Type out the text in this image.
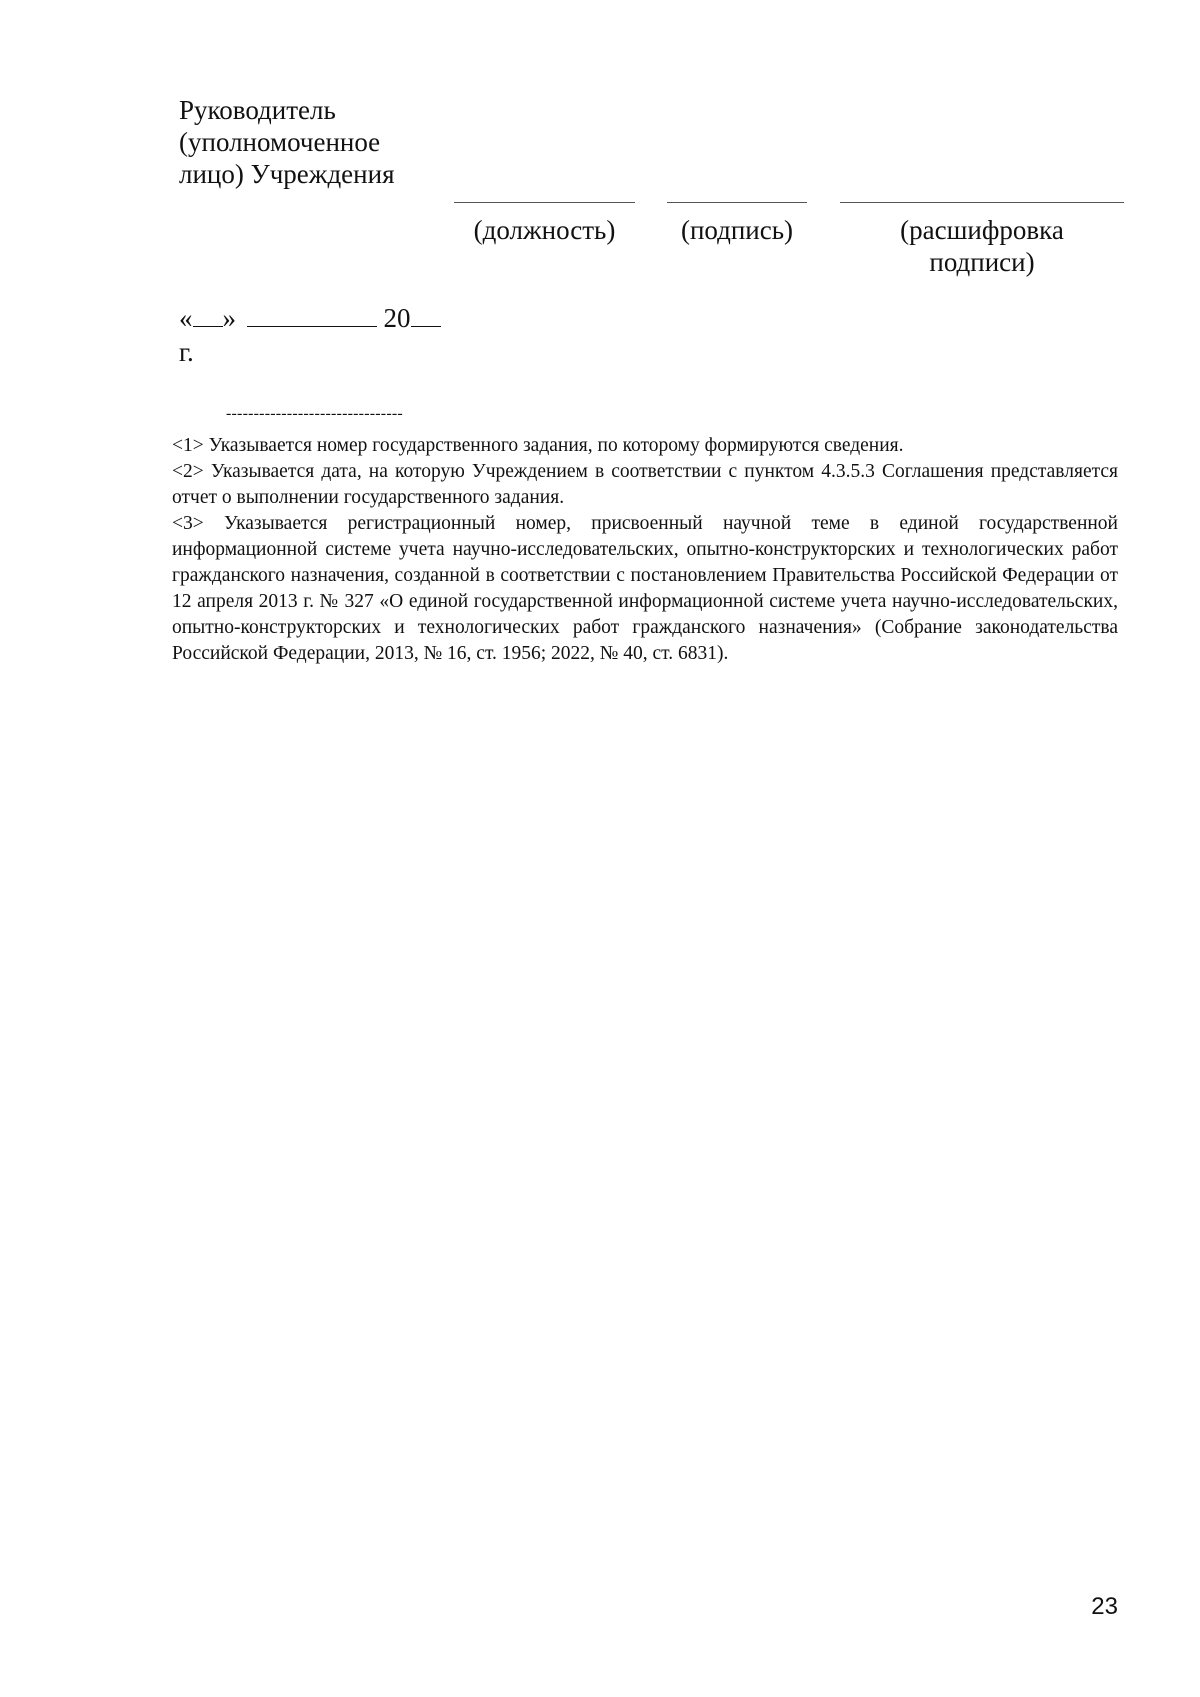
Руководитель (уполномоченное лицо) Учреждения
(должность)	(подпись)	(расшифровка подписи)
« »	20
г.
--------------------------------
<1> Указывается номер государственного задания, по которому формируются сведения.
<2> Указывается дата, на которую Учреждением в соответствии с пунктом 4.3.5.3 Соглашения представляется отчет о выполнении государственного задания.
<3> Указывается регистрационный номер, присвоенный научной теме в единой государственной информационной системе учета научно-исследовательских, опытно-конструкторских и технологических работ гражданского назначения, созданной в соответствии с постановлением Правительства Российской Федерации от 12 апреля 2013 г. № 327 «О единой государственной информационной системе учета научно-исследовательских, опытно-конструкторских и технологических работ гражданского назначения» (Собрание законодательства Российской Федерации, 2013, № 16, ст. 1956; 2022, № 40, ст. 6831).
23
